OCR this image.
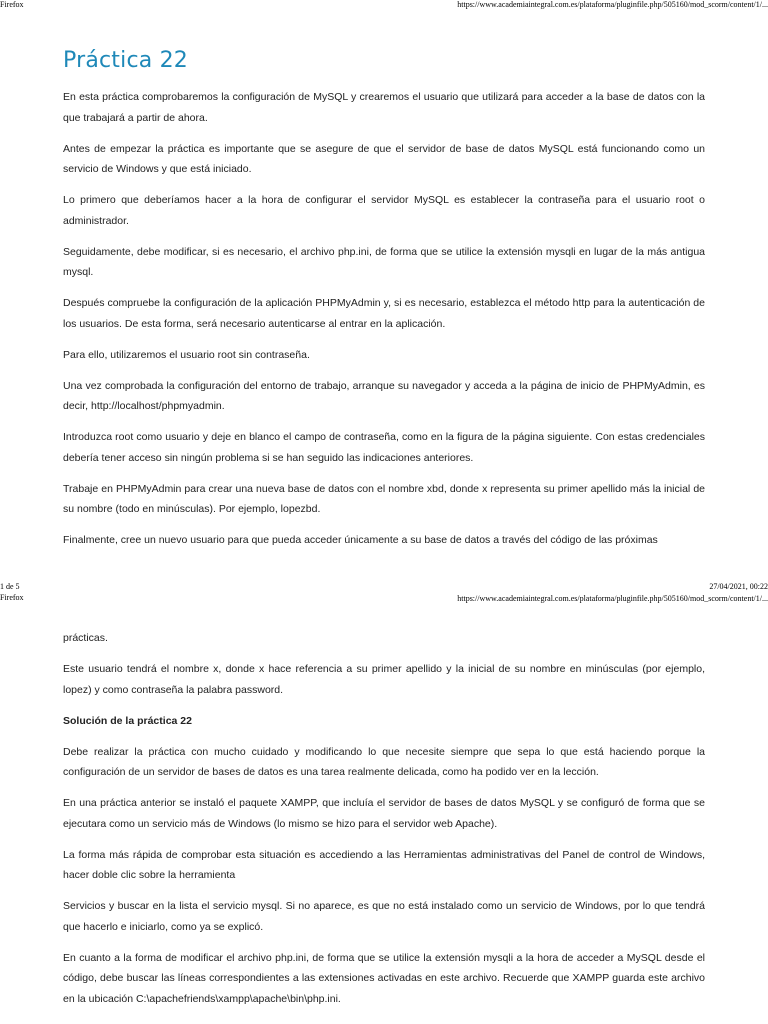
Firefox	https://www.academiaintegral.com.es/plataforma/pluginfile.php/505160/mod_scorm/content/1/...
Práctica 22

En esta práctica comprobaremos la configuración de MySQL y crearemos el usuario que utilizará para acceder a la base de datos con la que trabajará a partir de ahora.

Antes de empezar la práctica es importante que se asegure de que el servidor de base de datos MySQL está funcionando como un servicio de Windows y que está iniciado.

Lo primero que deberíamos hacer a la hora de configurar el servidor MySQL es establecer la contraseña para el usuario root o administrador.

Seguidamente, debe modificar, si es necesario, el archivo php.ini, de forma que se utilice la extensión mysqli en lugar de la más antigua mysql.

Después compruebe la configuración de la aplicación PHPMyAdmin y, si es necesario, establezca el método http para la autenticación de los usuarios. De esta forma, será necesario autenticarse al entrar en la aplicación.

Para ello, utilizaremos el usuario root sin contraseña.

Una vez comprobada la configuración del entorno de trabajo, arranque su navegador y acceda a la página de inicio de PHPMyAdmin, es decir, http://localhost/phpmyadmin.

Introduzca root como usuario y deje en blanco el campo de contraseña, como en la figura de la página siguiente. Con estas credenciales debería tener acceso sin ningún problema si se han seguido las indicaciones anteriores.

Trabaje en PHPMyAdmin para crear una nueva base de datos con el nombre xbd, donde x representa su primer apellido más la inicial de su nombre (todo en minúsculas). Por ejemplo, lopezbd.

Finalmente, cree un nuevo usuario para que pueda acceder únicamente a su base de datos a través del código de las próximas

1 de 5	27/04/2021, 00:22
Firefox	https://www.academiaintegral.com.es/plataforma/pluginfile.php/505160/mod_scorm/content/1/...

prácticas.

Este usuario tendrá el nombre x, donde x hace referencia a su primer apellido y la inicial de su nombre en minúsculas (por ejemplo, lopez) y como contraseña la palabra password.

Solución de la práctica 22

Debe realizar la práctica con mucho cuidado y modificando lo que necesite siempre que sepa lo que está haciendo porque la configuración de un servidor de bases de datos es una tarea realmente delicada, como ha podido ver en la lección.

En una práctica anterior se instaló el paquete XAMPP, que incluía el servidor de bases de datos MySQL y se configuró de forma que se ejecutara como un servicio más de Windows (lo mismo se hizo para el servidor web Apache).

La forma más rápida de comprobar esta situación es accediendo a las Herramientas administrativas del Panel de control de Windows, hacer doble clic sobre la herramienta

Servicios y buscar en la lista el servicio mysql. Si no aparece, es que no está instalado como un servicio de Windows, por lo que tendrá que hacerlo e iniciarlo, como ya se explicó.

En cuanto a la forma de modificar el archivo php.ini, de forma que se utilice la extensión mysqli a la hora de acceder a MySQL desde el código, debe buscar las líneas correspondientes a las extensiones activadas en este archivo. Recuerde que XAMPP guarda este archivo en la ubicación C:\apachefriends\xampp\apache\bin\php.ini.
